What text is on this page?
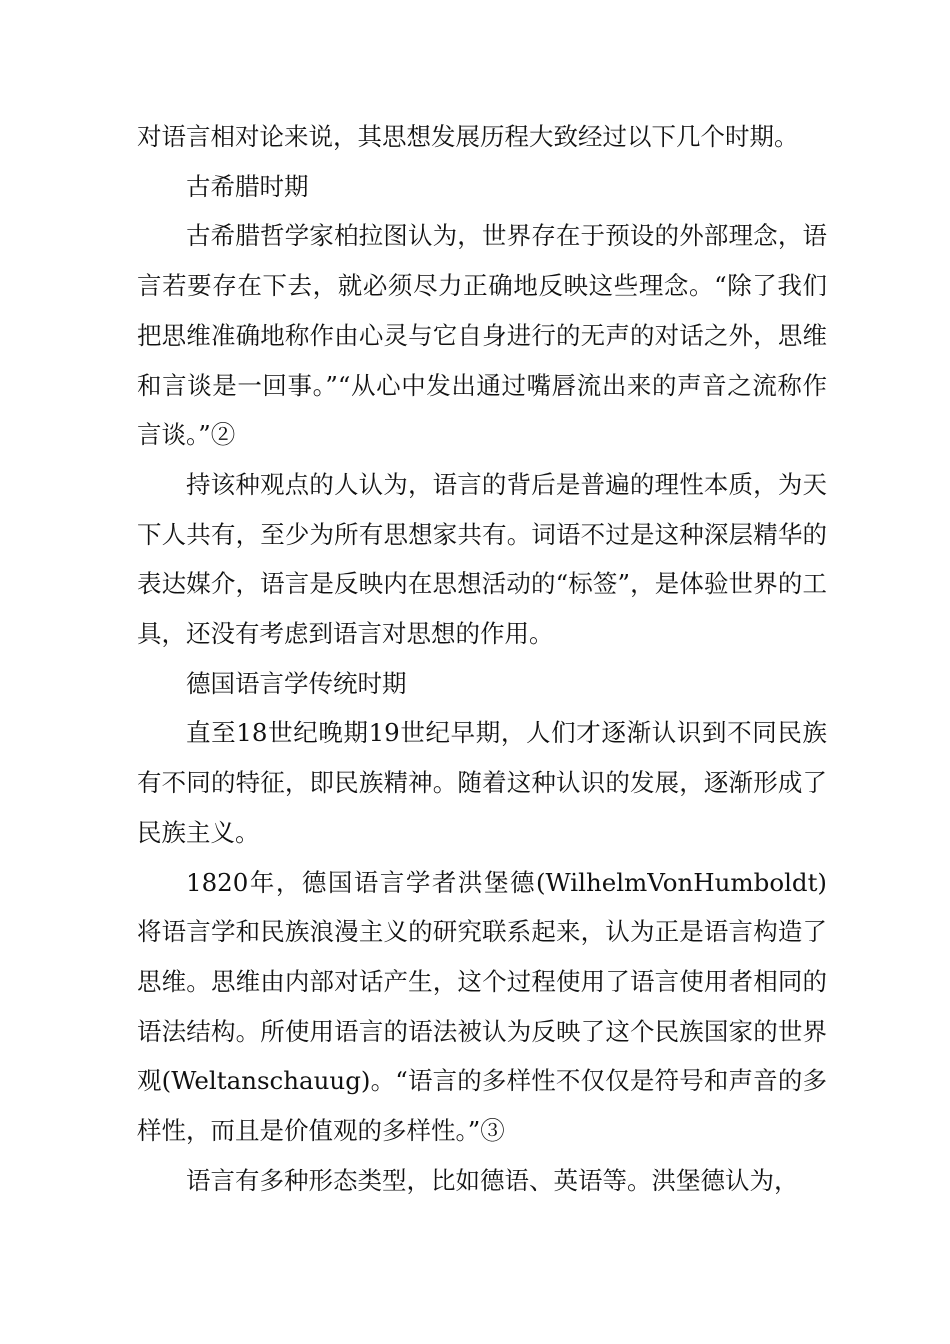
对语言相对论来说，其思想发展历程大致经过以下几个时期。

古希腊时期

古希腊哲学家柏拉图认为，世界存在于预设的外部理念，语言若要存在下去，就必须尽力正确地反映这些理念。“除了我们把思维准确地称作由心灵与它自身进行的无声的对话之外，思维和言谈是一回事。”“从心中发出通过嘴唇流出来的声音之流称作言谈。”②

持该种观点的人认为，语言的背后是普遍的理性本质，为天下人共有，至少为所有思想家共有。词语不过是这种深层精华的表达媒介，语言是反映内在思想活动的“标签”，是体验世界的工具，还没有考虑到语言对思想的作用。

德国语言学传统时期

直至18世纪晚期19世纪早期，人们才逐渐认识到不同民族有不同的特征，即民族精神。随着这种认识的发展，逐渐形成了民族主义。

1820年，德国语言学者洪堡德(WilhelmVonHumboldt)将语言学和民族浪漫主义的研究联系起来，认为正是语言构造了思维。思维由内部对话产生，这个过程使用了语言使用者相同的语法结构。所使用语言的语法被认为反映了这个民族国家的世界观(Weltanschauug)。“语言的多样性不仅仅是符号和声音的多样性，而且是价值观的多样性。”③

语言有多种形态类型，比如德语、英语等。洪堡德认为，
